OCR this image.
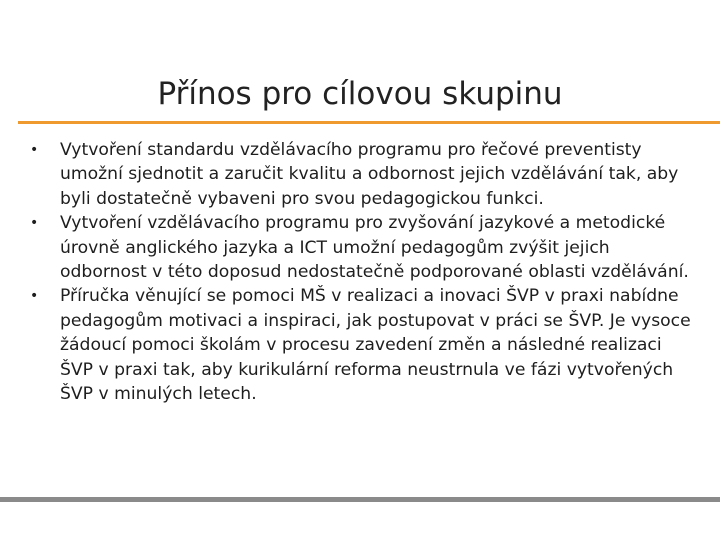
Přínos pro cílovou skupinu
• Vytvoření standardu vzdělávacího programu pro řečové preventisty umožní sjednotit a zaručit kvalitu a odbornost jejich vzdělávání tak, aby byli dostatečně vybaveni pro svou pedagogickou funkci.
• Vytvoření vzdělávacího programu pro zvyšování jazykové a metodické úrovně anglického jazyka a ICT umožní pedagogům zvýšit jejich odbornost v této doposud nedostatečně podporované oblasti vzdělávání.
• Příručka věnující se pomoci MŠ v realizaci a inovaci ŠVP v praxi nabídne pedagogům motivaci a inspiraci, jak postupovat v práci se ŠVP. Je vysoce žádoucí pomoci školám v procesu zavedení změn a následné realizaci ŠVP v praxi tak, aby kurikulární reforma neustrnula ve fázi vytvořených ŠVP v minulých letech.
